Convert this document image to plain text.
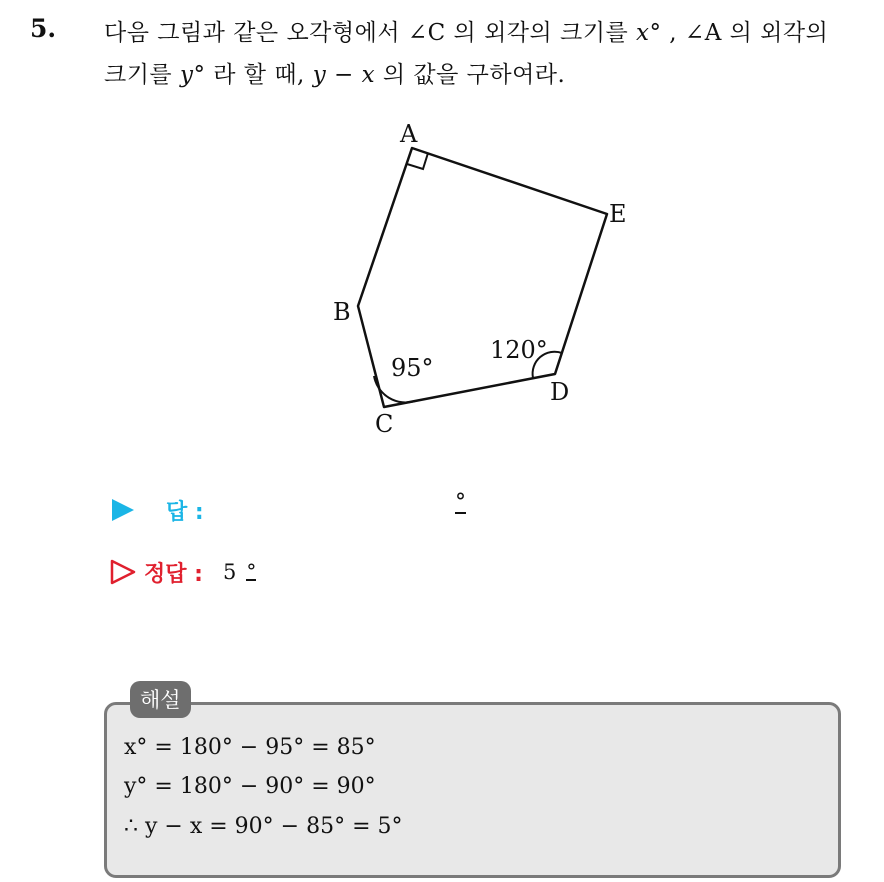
5. 다음 그림과 같은 오각형에서 ∠C 의 외각의 크기를 x° , ∠A 의 외각의
크기를 y° 라 할 때, y − x 의 값을 구하여라.
A
E
B
D
C
95°
120°
답 :	°
정답 : 5 °
해설
x° = 180° − 95° = 85°
y° = 180° − 90° = 90°
∴ y − x = 90° − 85° = 5°
